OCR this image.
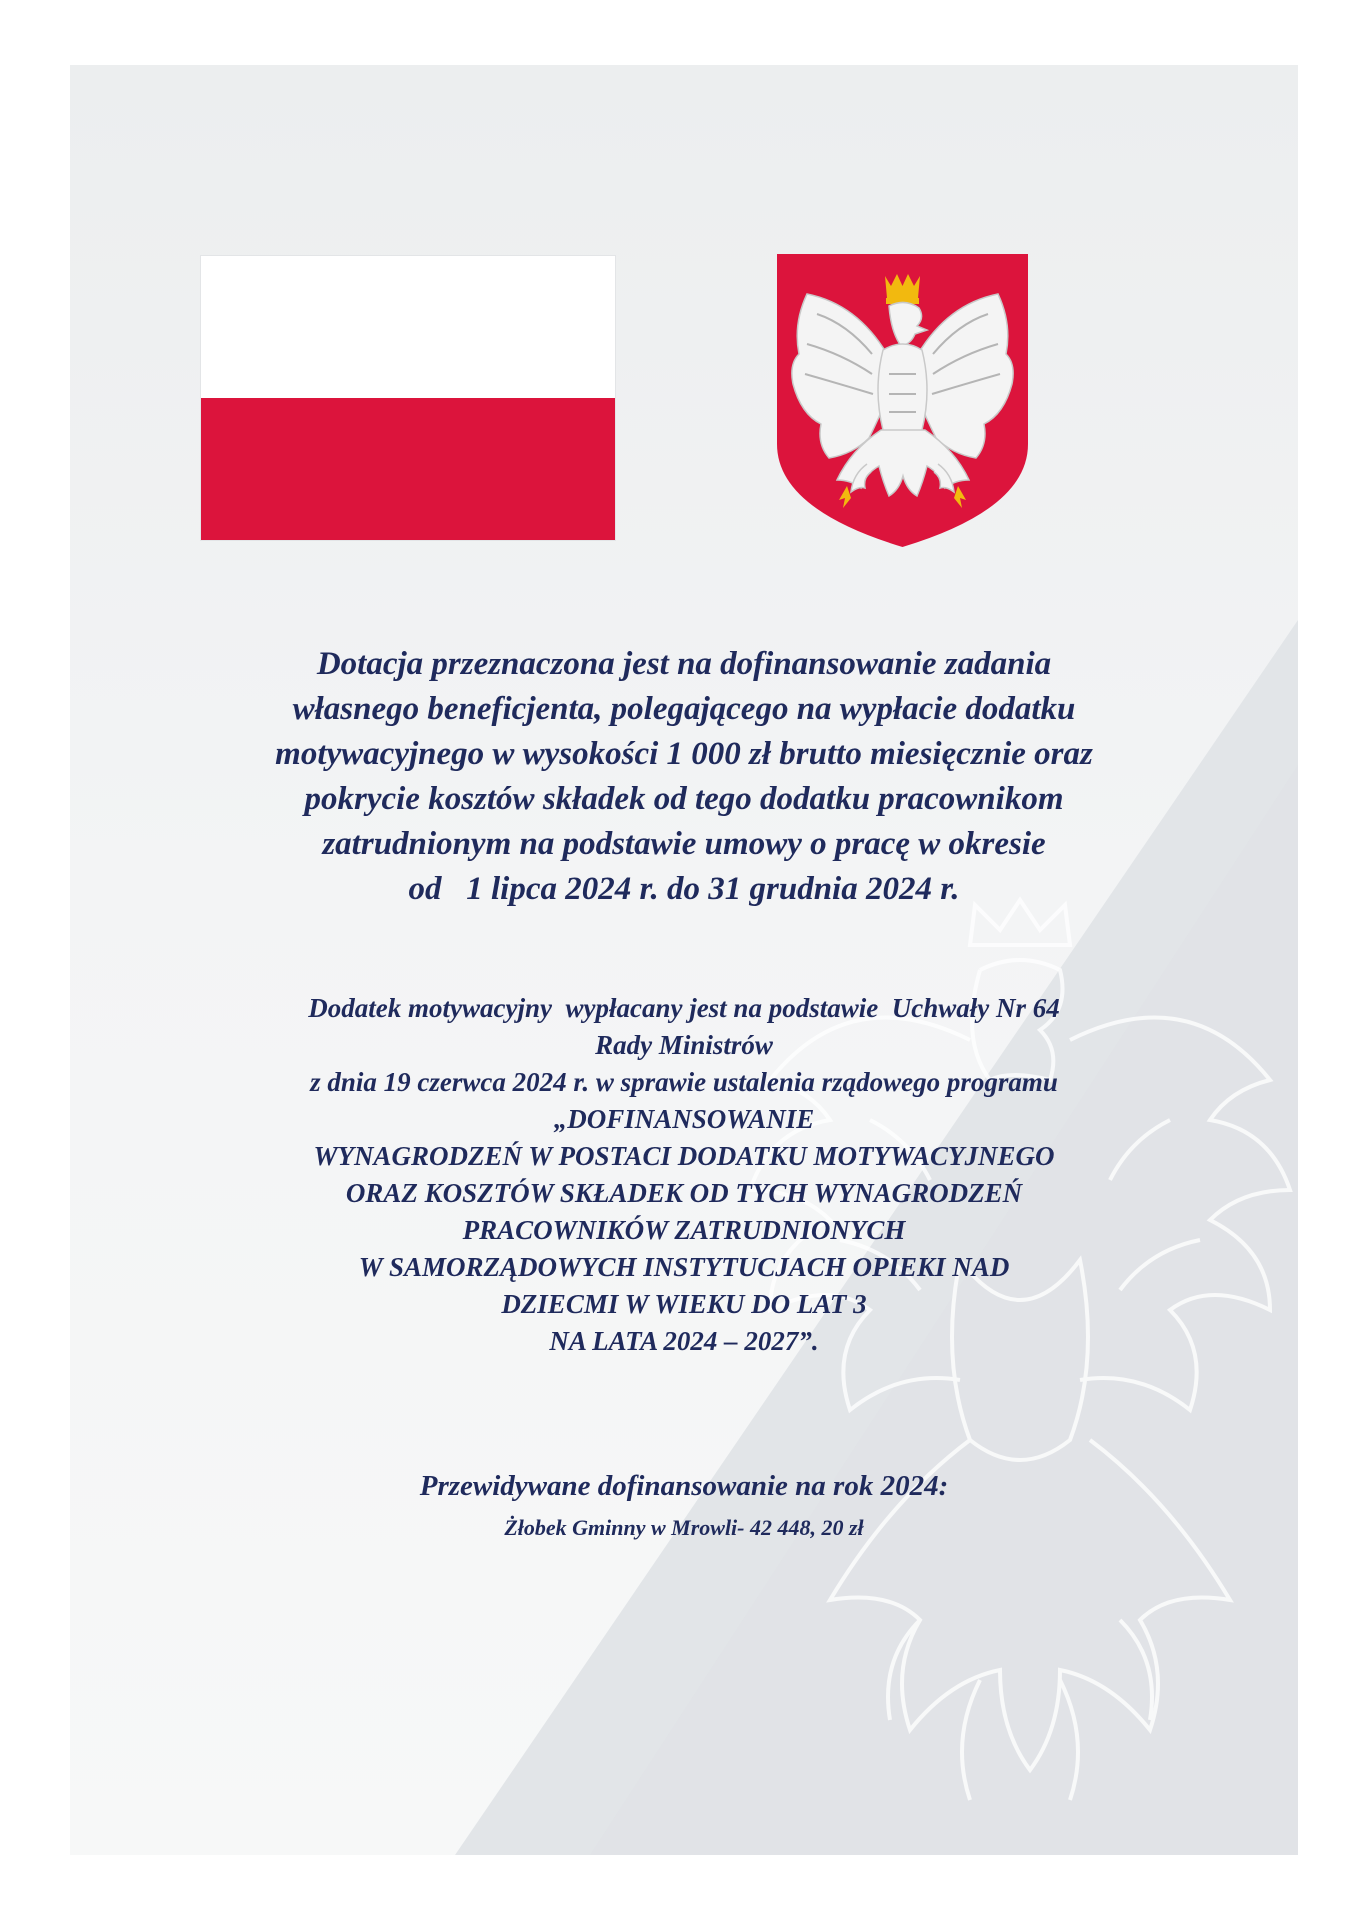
Dotacja przeznaczona jest na dofinansowanie zadania
własnego beneficjenta, polegającego na wypłacie dodatku
motywacyjnego w wysokości 1 000 zł brutto miesięcznie oraz
pokrycie kosztów składek od tego dodatku pracownikom
zatrudnionym na podstawie umowy o pracę w okresie
od   1 lipca 2024 r. do 31 grudnia 2024 r.
Dodatek motywacyjny  wypłacany jest na podstawie  Uchwały Nr 64
Rady Ministrów
z dnia 19 czerwca 2024 r. w sprawie ustalenia rządowego programu
„DOFINANSOWANIE
WYNAGRODZEŃ W POSTACI DODATKU MOTYWACYJNEGO
ORAZ KOSZTÓW SKŁADEK OD TYCH WYNAGRODZEŃ
PRACOWNIKÓW ZATRUDNIONYCH
W SAMORZĄDOWYCH INSTYTUCJACH OPIEKI NAD
DZIECMI W WIEKU DO LAT 3
NA LATA 2024 – 2027”.
Przewidywane dofinansowanie na rok 2024:
Żłobek Gminny w Mrowli- 42 448, 20 zł
